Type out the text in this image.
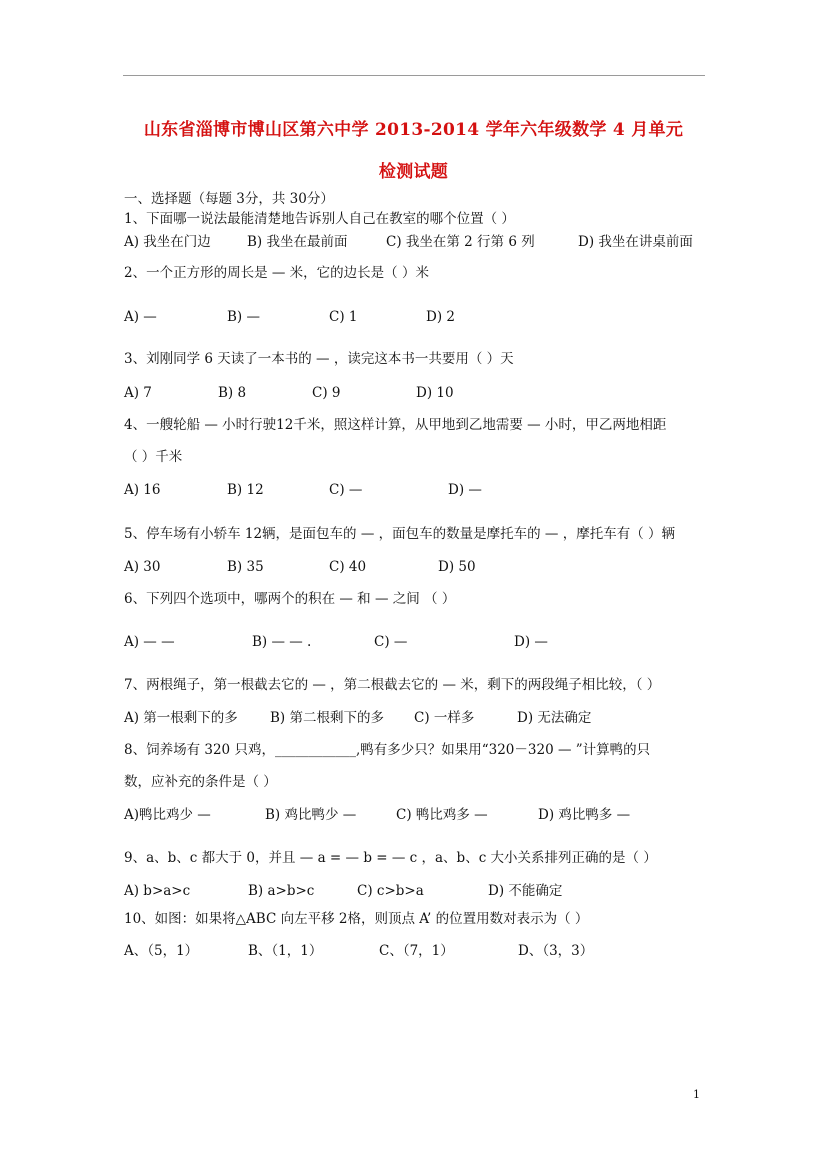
山东省淄博市博山区第六中学 2013-2014 学年六年级数学 4 月单元
检测试题
一、选择题（每题 3分，共 30分）
1、下面哪一说法最能清楚地告诉别人自己在教室的哪个位置（ ）
A) 我坐在门边	B) 我坐在最前面	C) 我坐在第 2 行第 6 列	D) 我坐在讲桌前面
2、一个正方形的周长是 — 米，它的边长是（ ）米
A) —	B) —	C) 1	D) 2
3、刘刚同学 6 天读了一本书的 — ，读完这本书一共要用（ ）天
A) 7	B) 8	C) 9	D) 10
4、一艘轮船 — 小时行驶12千米，照这样计算，从甲地到乙地需要 — 小时，甲乙两地相距
（ ）千米
A) 16	B) 12	C) —	D) —
5、停车场有小轿车 12辆，是面包车的 — ，面包车的数量是摩托车的 — ，摩托车有（ ）辆
A) 30	B) 35	C) 40	D) 50
6、下列四个选项中，哪两个的积在 — 和 — 之间 （ ）
A) — —	B) — — .	C) —	D) —
7、两根绳子，第一根截去它的 — ，第二根截去它的 — 米，剩下的两段绳子相比较，（ ）
A) 第一根剩下的多 B) 第二根剩下的多 C) 一样多	D) 无法确定
8、饲养场有 320 只鸡，____________,鸭有多少只？如果用“320－320 — ”计算鸭的只
数，应补充的条件是（ ）
A)鸭比鸡少 —	B) 鸡比鸭少 —	C) 鸭比鸡多 —	D) 鸡比鸭多 —
9、a、b、c 都大于 0，并且 — a = — b = — c ，a、b、c 大小关系排列正确的是（ ）
A) b>a>c	B) a>b>c	C) c>b>a	D) 不能确定
10、如图：如果将△ABC 向左平移 2格，则顶点 A’ 的位置用数对表示为（ ）
A、（5，1）	B、（1，1）	C、（7，1）	D、（3，3）
1
